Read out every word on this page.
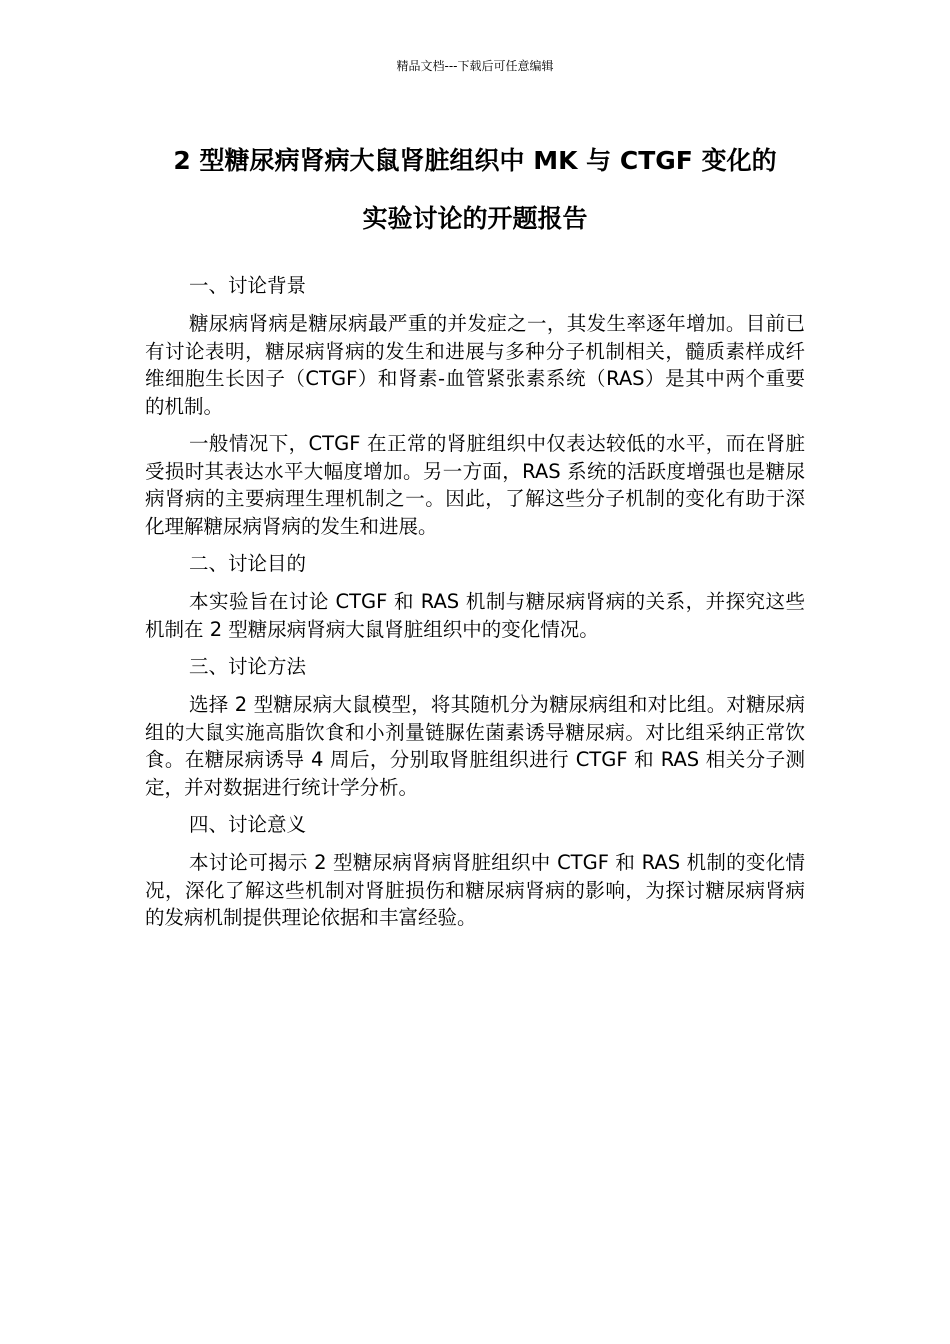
精品文档---下载后可任意编辑
2 型糖尿病肾病大鼠肾脏组织中 MK 与 CTGF 变化的
实验讨论的开题报告
一、讨论背景

糖尿病肾病是糖尿病最严重的并发症之一，其发生率逐年增加。目前已有讨论表明，糖尿病肾病的发生和进展与多种分子机制相关，髓质素样成纤维细胞生长因子（CTGF）和肾素-血管紧张素系统（RAS）是其中两个重要的机制。

一般情况下，CTGF 在正常的肾脏组织中仅表达较低的水平，而在肾脏受损时其表达水平大幅度增加。另一方面，RAS 系统的活跃度增强也是糖尿病肾病的主要病理生理机制之一。因此，了解这些分子机制的变化有助于深化理解糖尿病肾病的发生和进展。

二、讨论目的

本实验旨在讨论 CTGF 和 RAS 机制与糖尿病肾病的关系，并探究这些机制在 2 型糖尿病肾病大鼠肾脏组织中的变化情况。

三、讨论方法

选择 2 型糖尿病大鼠模型，将其随机分为糖尿病组和对比组。对糖尿病组的大鼠实施高脂饮食和小剂量链脲佐菌素诱导糖尿病。对比组采纳正常饮食。在糖尿病诱导 4 周后，分别取肾脏组织进行 CTGF 和 RAS 相关分子测定，并对数据进行统计学分析。

四、讨论意义

本讨论可揭示 2 型糖尿病肾病肾脏组织中 CTGF 和 RAS 机制的变化情况，深化了解这些机制对肾脏损伤和糖尿病肾病的影响，为探讨糖尿病肾病的发病机制提供理论依据和丰富经验。
